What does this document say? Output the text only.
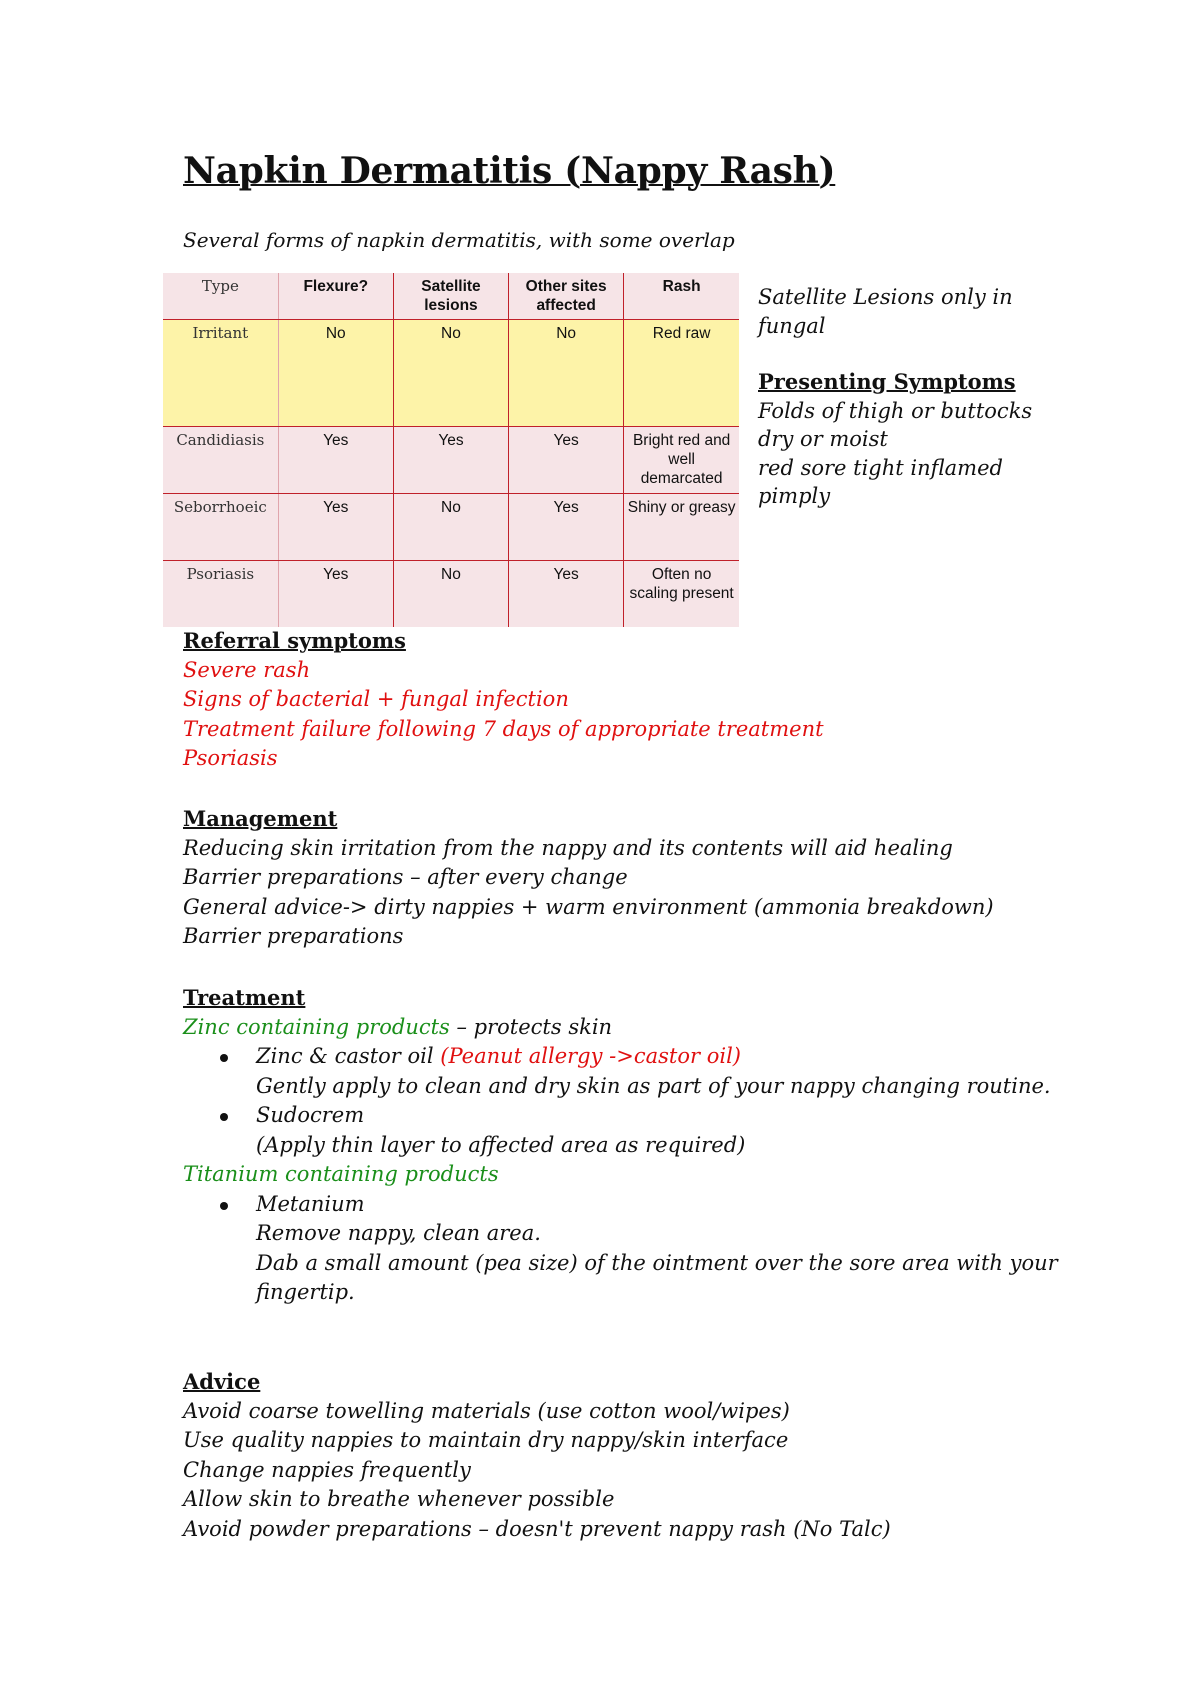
Napkin Dermatitis (Nappy Rash)
Several forms of napkin dermatitis, with some overlap
Type	Flexure?	Satellite lesions	Other sites affected	Rash
Irritant	No	No	No	Red raw
Candidiasis	Yes	Yes	Yes	Bright red and well demarcated
Seborrhoeic	Yes	No	Yes	Shiny or greasy
Psoriasis	Yes	No	Yes	Often no scaling present
Satellite Lesions only in
fungal
Presenting Symptoms
Folds of thigh or buttocks
dry or moist
red sore tight inflamed
pimply
Referral symptoms
Severe rash
Signs of bacterial + fungal infection
Treatment failure following 7 days of appropriate treatment
Psoriasis
Management
Reducing skin irritation from the nappy and its contents will aid healing
Barrier preparations – after every change
General advice-> dirty nappies + warm environment (ammonia breakdown)
Barrier preparations
Treatment
Zinc containing products – protects skin
Zinc & castor oil (Peanut allergy ->castor oil)
Gently apply to clean and dry skin as part of your nappy changing routine.
Sudocrem
(Apply thin layer to affected area as required)
Titanium containing products
Metanium
Remove nappy, clean area.
Dab a small amount (pea size) of the ointment over the sore area with your fingertip.
Advice
Avoid coarse towelling materials (use cotton wool/wipes)
Use quality nappies to maintain dry nappy/skin interface
Change nappies frequently
Allow skin to breathe whenever possible
Avoid powder preparations – doesn't prevent nappy rash (No Talc)
